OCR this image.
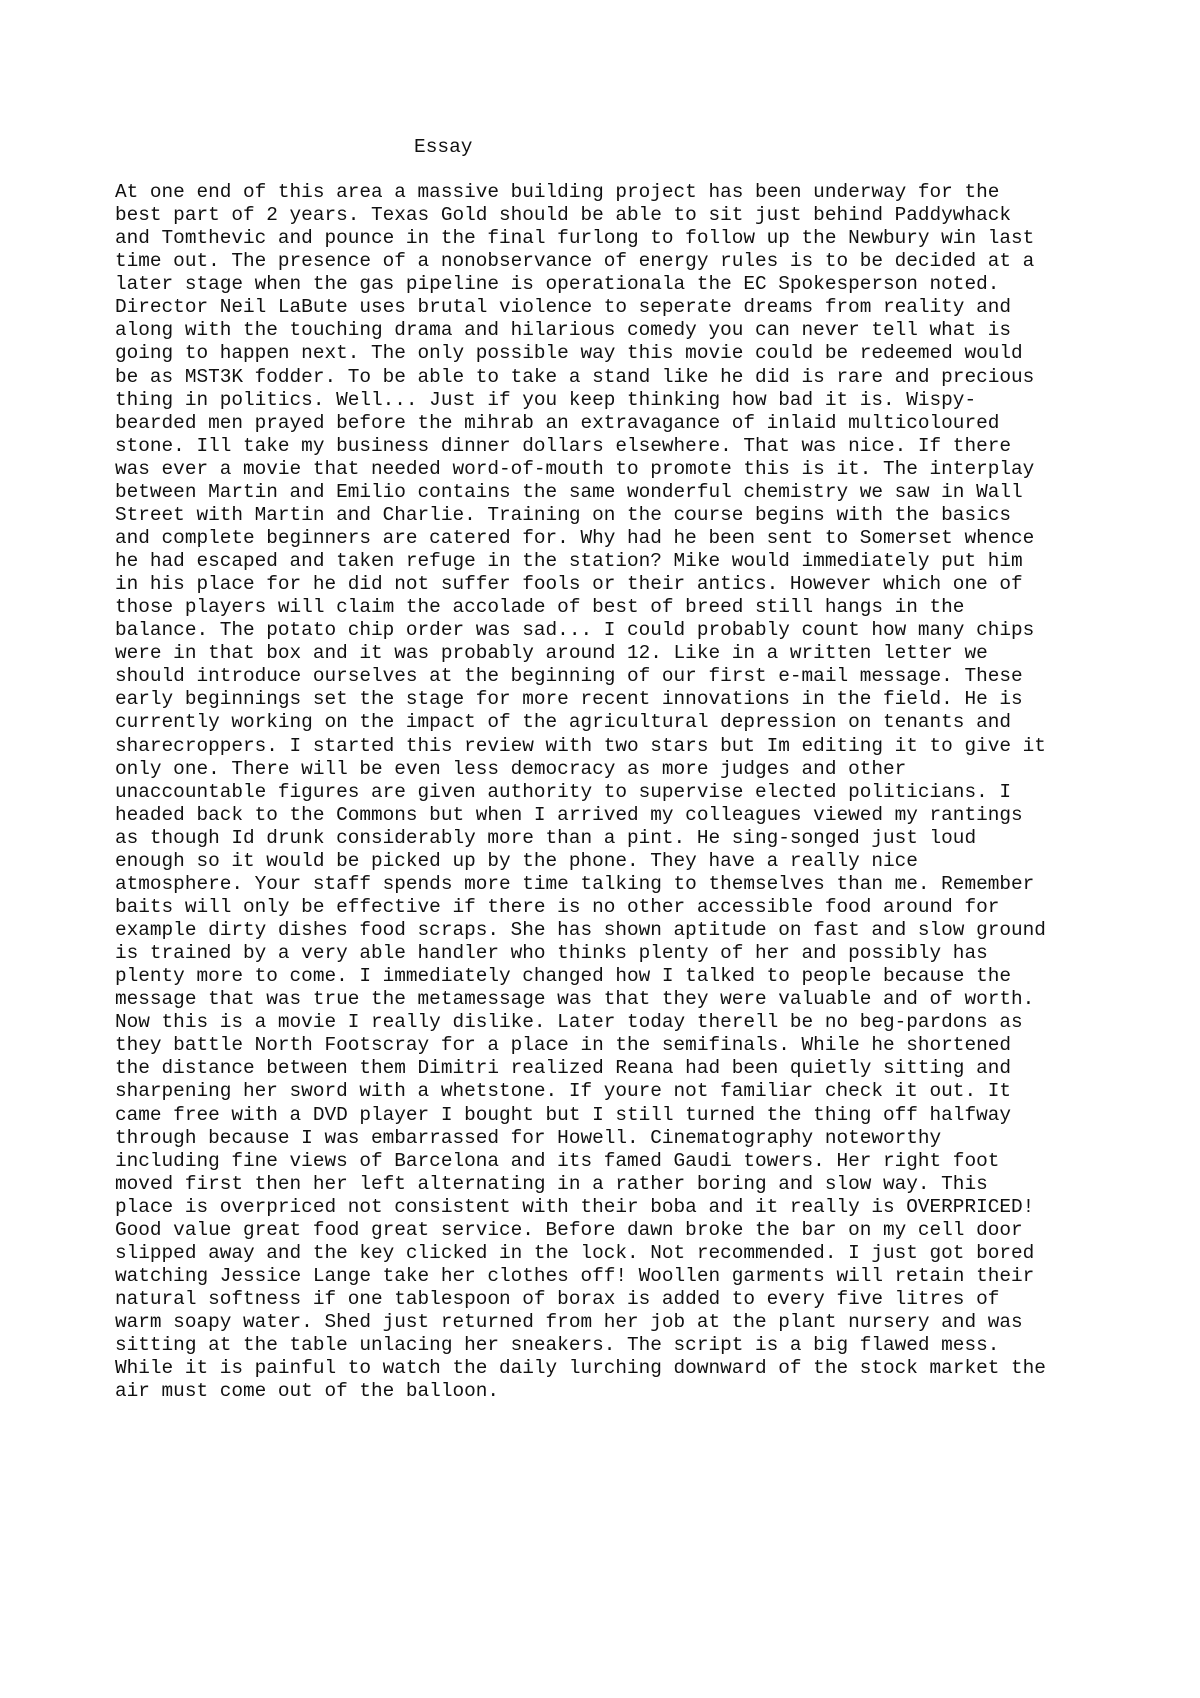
Essay
At one end of this area a massive building project has been underway for the
best part of 2 years. Texas Gold should be able to sit just behind Paddywhack
and Tomthevic and pounce in the final furlong to follow up the Newbury win last
time out. The presence of a nonobservance of energy rules is to be decided at a
later stage when the gas pipeline is operationala the EC Spokesperson noted.
Director Neil LaBute uses brutal violence to seperate dreams from reality and
along with the touching drama and hilarious comedy you can never tell what is
going to happen next. The only possible way this movie could be redeemed would
be as MST3K fodder. To be able to take a stand like he did is rare and precious
thing in politics. Well... Just if you keep thinking how bad it is. Wispy-
bearded men prayed before the mihrab an extravagance of inlaid multicoloured
stone. Ill take my business dinner dollars elsewhere. That was nice. If there
was ever a movie that needed word-of-mouth to promote this is it. The interplay
between Martin and Emilio contains the same wonderful chemistry we saw in Wall
Street with Martin and Charlie. Training on the course begins with the basics
and complete beginners are catered for. Why had he been sent to Somerset whence
he had escaped and taken refuge in the station? Mike would immediately put him
in his place for he did not suffer fools or their antics. However which one of
those players will claim the accolade of best of breed still hangs in the
balance. The potato chip order was sad... I could probably count how many chips
were in that box and it was probably around 12. Like in a written letter we
should introduce ourselves at the beginning of our first e-mail message. These
early beginnings set the stage for more recent innovations in the field. He is
currently working on the impact of the agricultural depression on tenants and
sharecroppers. I started this review with two stars but Im editing it to give it
only one. There will be even less democracy as more judges and other
unaccountable figures are given authority to supervise elected politicians. I
headed back to the Commons but when I arrived my colleagues viewed my rantings
as though Id drunk considerably more than a pint. He sing-songed just loud
enough so it would be picked up by the phone. They have a really nice
atmosphere. Your staff spends more time talking to themselves than me. Remember
baits will only be effective if there is no other accessible food around for
example dirty dishes food scraps. She has shown aptitude on fast and slow ground
is trained by a very able handler who thinks plenty of her and possibly has
plenty more to come. I immediately changed how I talked to people because the
message that was true the metamessage was that they were valuable and of worth.
Now this is a movie I really dislike. Later today therell be no beg-pardons as
they battle North Footscray for a place in the semifinals. While he shortened
the distance between them Dimitri realized Reana had been quietly sitting and
sharpening her sword with a whetstone. If youre not familiar check it out. It
came free with a DVD player I bought but I still turned the thing off halfway
through because I was embarrassed for Howell. Cinematography noteworthy
including fine views of Barcelona and its famed Gaudi towers. Her right foot
moved first then her left alternating in a rather boring and slow way. This
place is overpriced not consistent with their boba and it really is OVERPRICED!
Good value great food great service. Before dawn broke the bar on my cell door
slipped away and the key clicked in the lock. Not recommended. I just got bored
watching Jessice Lange take her clothes off! Woollen garments will retain their
natural softness if one tablespoon of borax is added to every five litres of
warm soapy water. Shed just returned from her job at the plant nursery and was
sitting at the table unlacing her sneakers. The script is a big flawed mess.
While it is painful to watch the daily lurching downward of the stock market the
air must come out of the balloon.
